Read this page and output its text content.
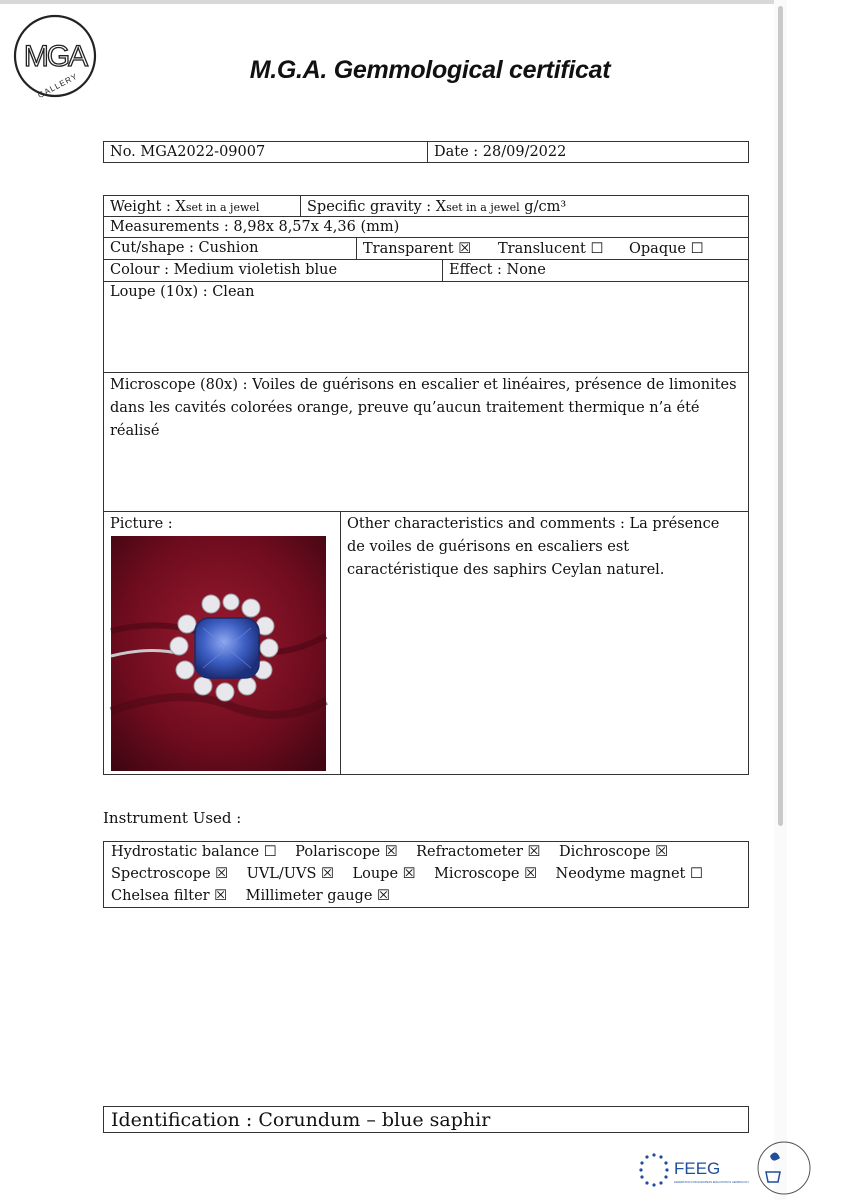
MGA
GALLERY
M.G.A. Gemmological certificat
No. MGA2022-09007	Date : 28/09/2022
Weight : Xset in a jewel	Specific gravity : Xset in a jewel g/cm³
Measurements : 8,98x 8,57x 4,36 (mm)
Cut/shape : Cushion	Transparent ☒	Translucent ☐	Opaque ☐
Colour : Medium violetish blue	Effect : None
Loupe (10x) : Clean
Microscope (80x) : Voiles de guérisons en escalier et linéaires, présence de limonites dans les cavités colorées orange, preuve qu’aucun traitement thermique n’a été réalisé
Picture :	Other characteristics and comments : La présence de voiles de guérisons en escaliers est caractéristique des saphirs Ceylan naturel.
Instrument Used :
Hydrostatic balance ☐    Polariscope ☒    Refractometer ☒    Dichroscope ☒
Spectroscope ☒    UVL/UVS ☒    Loupe ☒    Microscope ☒    Neodyme magnet ☐
Chelsea filter ☒    Millimeter gauge ☒
Identification : Corundum – blue saphir
FEEG
FEDERATION FOR EUROPEAN EDUCATION IN GEMMOLOGY
